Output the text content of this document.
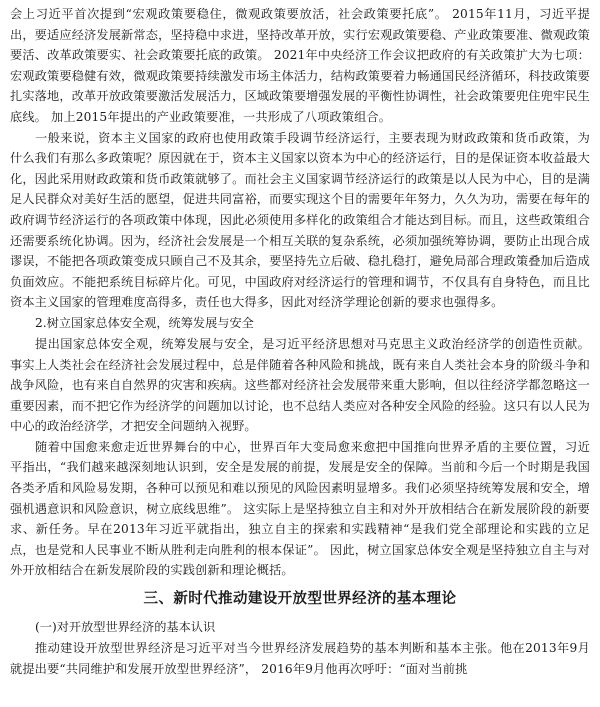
会上习近平首次提到“宏观政策要稳住，微观政策要放活，社会政策要托底”。 2015年11月，习近平提出，要适应经济发展新常态，坚持稳中求进，坚持改革开放，实行宏观政策要稳、产业政策要准、微观政策要活、改革政策要实、社会政策要托底的政策。 2021年中央经济工作会议把政府的有关政策扩大为七项：宏观政策要稳健有效，微观政策要持续激发市场主体活力，结构政策要着力畅通国民经济循环，科技政策要扎实落地，改革开放政策要激活发展活力，区域政策要增强发展的平衡性协调性，社会政策要兜住兜牢民生底线。 加上2015年提出的产业政策要准，一共形成了八项政策组合。

一般来说，资本主义国家的政府也使用政策手段调节经济运行，主要表现为财政政策和货币政策，为什么我们有那么多政策呢？原因就在于，资本主义国家以资本为中心的经济运行，目的是保证资本收益最大化，因此采用财政政策和货币政策就够了。而社会主义国家调节经济运行的政策是以人民为中心，目的是满足人民群众对美好生活的愿望，促进共同富裕，而要实现这个目的需要年年努力，久久为功，需要在每年的政府调节经济运行的各项政策中体现，因此必须使用多样化的政策组合才能达到目标。而且，这些政策组合还需要系统化协调。因为，经济社会发展是一个相互关联的复杂系统，必须加强统筹协调，要防止出现合成谬误，不能把各项政策变成只顾自己不及其余，要坚持先立后破、稳扎稳打，避免局部合理政策叠加后造成负面效应。不能把系统目标碎片化。可见，中国政府对经济运行的管理和调节，不仅具有自身特色，而且比资本主义国家的管理难度高得多，责任也大得多，因此对经济学理论创新的要求也强得多。

2.树立国家总体安全观，统筹发展与安全

提出国家总体安全观，统筹发展与安全，是习近平经济思想对马克思主义政治经济学的创造性贡献。事实上人类社会在经济社会发展过程中，总是伴随着各种风险和挑战，既有来自人类社会本身的阶级斗争和战争风险，也有来自自然界的灾害和疾病。这些都对经济社会发展带来重大影响，但以往经济学都忽略这一重要因素，而不把它作为经济学的问题加以讨论，也不总结人类应对各种安全风险的经验。这只有以人民为中心的政治经济学，才把安全问题纳入视野。

随着中国愈来愈走近世界舞台的中心，世界百年大变局愈来愈把中国推向世界矛盾的主要位置，习近平指出，“我们越来越深刻地认识到，安全是发展的前提，发展是安全的保障。当前和今后一个时期是我国各类矛盾和风险易发期，各种可以预见和难以预见的风险因素明显增多。我们必须坚持统筹发展和安全，增强机遇意识和风险意识，树立底线思维”。 这实际上是坚持独立自主和对外开放相结合在新发展阶段的新要求、新任务。早在2013年习近平就指出，独立自主的探索和实践精神“是我们党全部理论和实践的立足点，也是党和人民事业不断从胜利走向胜利的根本保证”。 因此，树立国家总体安全观是坚持独立自主与对外开放相结合在新发展阶段的实践创新和理论概括。

三、新时代推动建设开放型世界经济的基本理论

(一)对开放型世界经济的基本认识

推动建设开放型世界经济是习近平对当今世界经济发展趋势的基本判断和基本主张。他在2013年9月就提出要“共同维护和发展开放型世界经济”， 2016年9月他再次呼吁：“面对当前挑
